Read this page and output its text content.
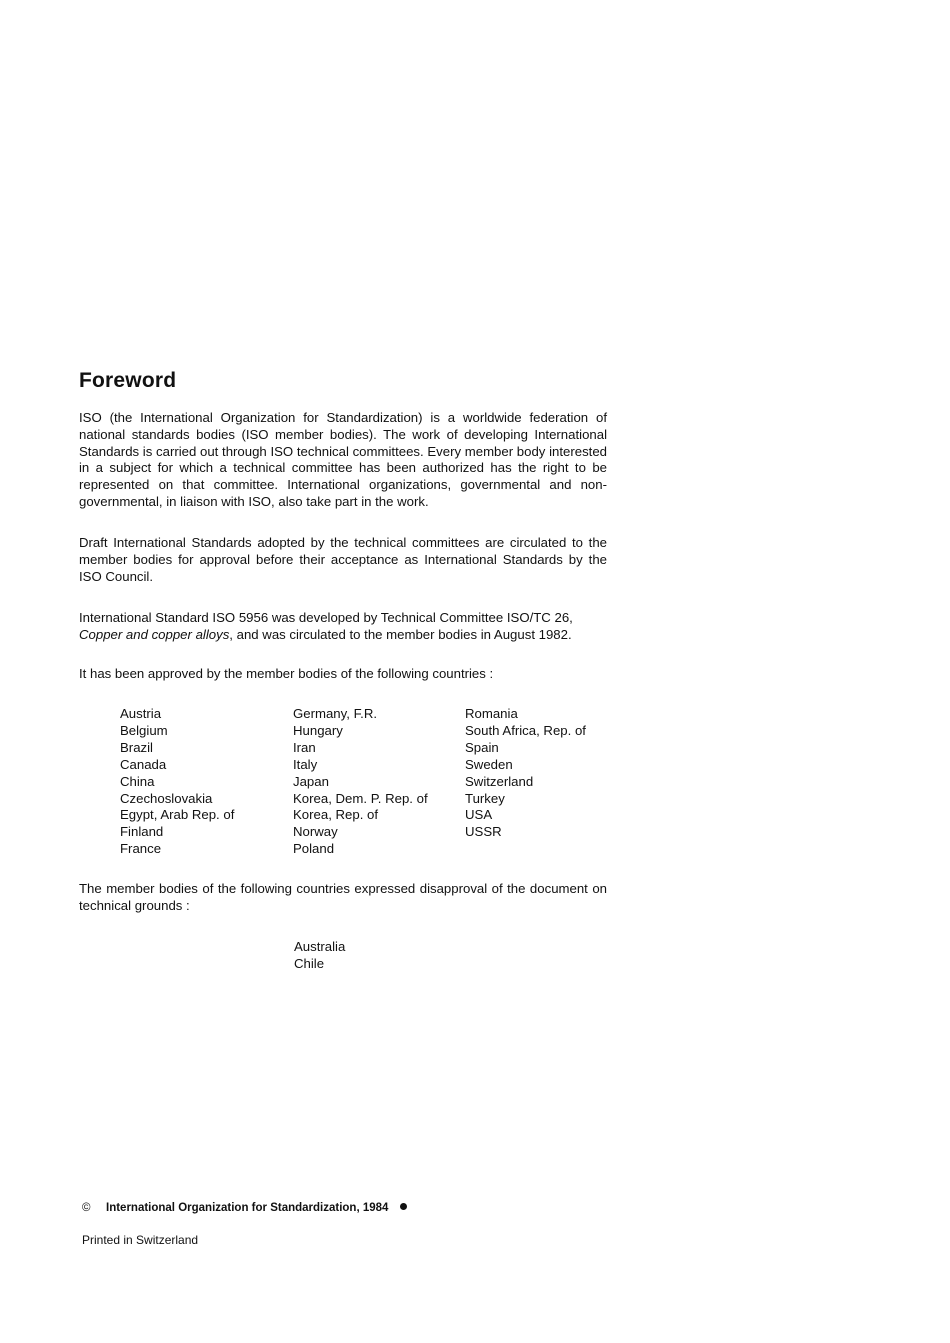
Foreword

ISO (the International Organization for Standardization) is a worldwide federation of national standards bodies (ISO member bodies). The work of developing International Standards is carried out through ISO technical committees. Every member body interested in a subject for which a technical committee has been authorized has the right to be represented on that committee. International organizations, governmental and non-governmental, in liaison with ISO, also take part in the work.

Draft International Standards adopted by the technical committees are circulated to the member bodies for approval before their acceptance as International Standards by the ISO Council.

International Standard ISO 5956 was developed by Technical Committee ISO/TC 26,
Copper and copper alloys, and was circulated to the member bodies in August 1982.

It has been approved by the member bodies of the following countries :

Austria
Belgium
Brazil
Canada
China
Czechoslovakia
Egypt, Arab Rep. of
Finland
France
Germany, F.R.
Hungary
Iran
Italy
Japan
Korea, Dem. P. Rep. of
Korea, Rep. of
Norway
Poland
Romania
South Africa, Rep. of
Spain
Sweden
Switzerland
Turkey
USA
USSR

The member bodies of the following countries expressed disapproval of the document on technical grounds :

Australia
Chile
© International Organization for Standardization, 1984
Printed in Switzerland
